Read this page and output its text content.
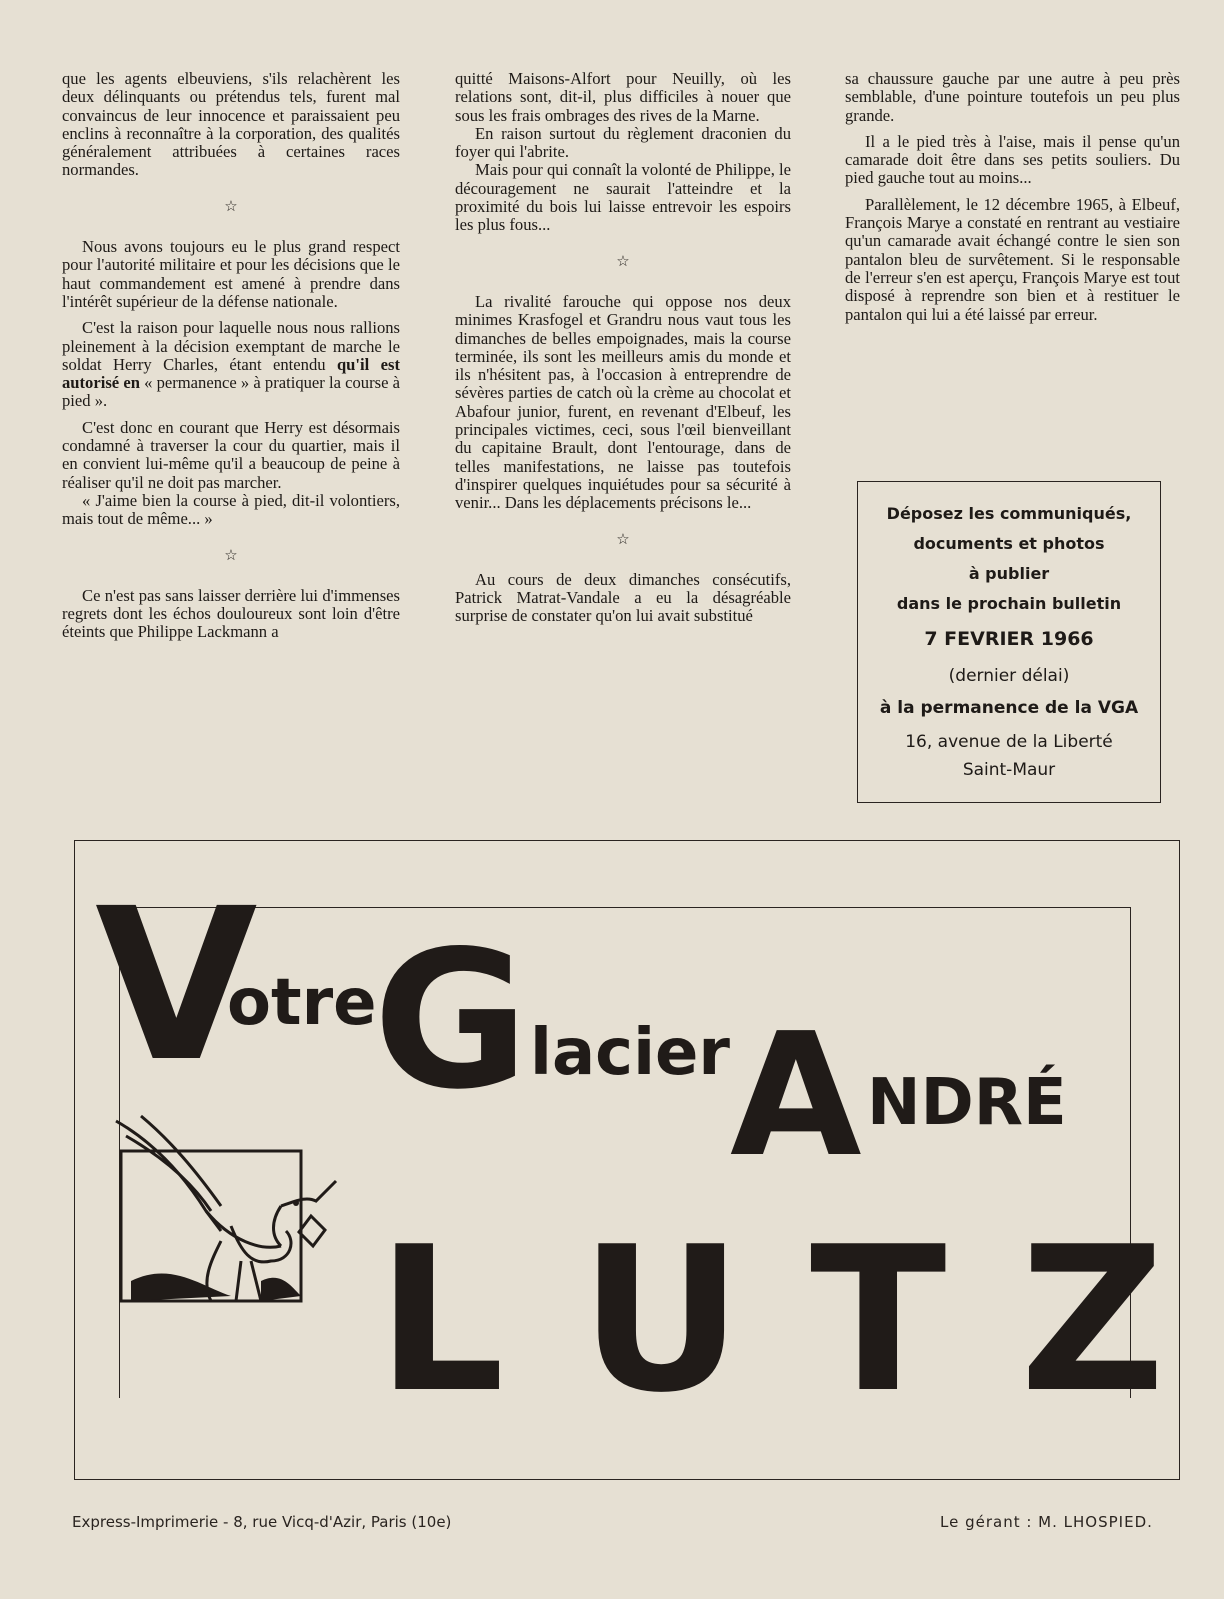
que les agents elbeuviens, s'ils relachèrent les deux délinquants ou prétendus tels, furent mal convaincus de leur innocence et paraissaient peu enclins à reconnaître à la corporation, des qualités généralement attribuées à certaines races normandes.

☆

Nous avons toujours eu le plus grand respect pour l'autorité militaire et pour les décisions que le haut commandement est amené à prendre dans l'intérêt supérieur de la défense nationale.

C'est la raison pour laquelle nous nous rallions pleinement à la décision exemptant de marche le soldat Herry Charles, étant entendu qu'il est autorisé en « permanence » à pratiquer la course à pied ».

C'est donc en courant que Herry est désormais condamné à traverser la cour du quartier, mais il en convient lui-même qu'il a beaucoup de peine à réaliser qu'il ne doit pas marcher.

« J'aime bien la course à pied, dit-il volontiers, mais tout de même... »

☆

Ce n'est pas sans laisser derrière lui d'immenses regrets dont les échos douloureux sont loin d'être éteints que Philippe Lackmann a

quitté Maisons-Alfort pour Neuilly, où les relations sont, dit-il, plus difficiles à nouer que sous les frais ombrages des rives de la Marne.

En raison surtout du règlement draconien du foyer qui l'abrite.

Mais pour qui connaît la volonté de Philippe, le découragement ne saurait l'atteindre et la proximité du bois lui laisse entrevoir les espoirs les plus fous...

☆

La rivalité farouche qui oppose nos deux minimes Krasfogel et Grandru nous vaut tous les dimanches de belles empoignades, mais la course terminée, ils sont les meilleurs amis du monde et ils n'hésitent pas, à l'occasion à entreprendre de sévères parties de catch où la crème au chocolat et Abafour junior, furent, en revenant d'Elbeuf, les principales victimes, ceci, sous l'œil bienveillant du capitaine Brault, dont l'entourage, dans de telles manifestations, ne laisse pas toutefois d'inspirer quelques inquiétudes pour sa sécurité à venir... Dans les déplacements précisons le...

☆

Au cours de deux dimanches consécutifs, Patrick Matrat-Vandale a eu la désagréable surprise de constater qu'on lui avait substitué

sa chaussure gauche par une autre à peu près semblable, d'une pointure toutefois un peu plus grande.

Il a le pied très à l'aise, mais il pense qu'un camarade doit être dans ses petits souliers. Du pied gauche tout au moins...

Parallèlement, le 12 décembre 1965, à Elbeuf, François Marye a constaté en rentrant au vestiaire qu'un camarade avait échangé contre le sien son pantalon bleu de survêtement. Si le responsable de l'erreur s'en est aperçu, François Marye est tout disposé à reprendre son bien et à restituer le pantalon qui lui a été laissé par erreur.

Déposez les communiqués,
documents et photos
à publier
dans le prochain bulletin
7 FEVRIER 1966
(dernier délai)
à la permanence de la VGA
16, avenue de la Liberté
Saint-Maur
V
otre
G lacier A NDRÉ
L U T Z
Express-Imprimerie - 8, rue Vicq-d'Azir, Paris (10e)	Le gérant : M. LHOSPIED.
